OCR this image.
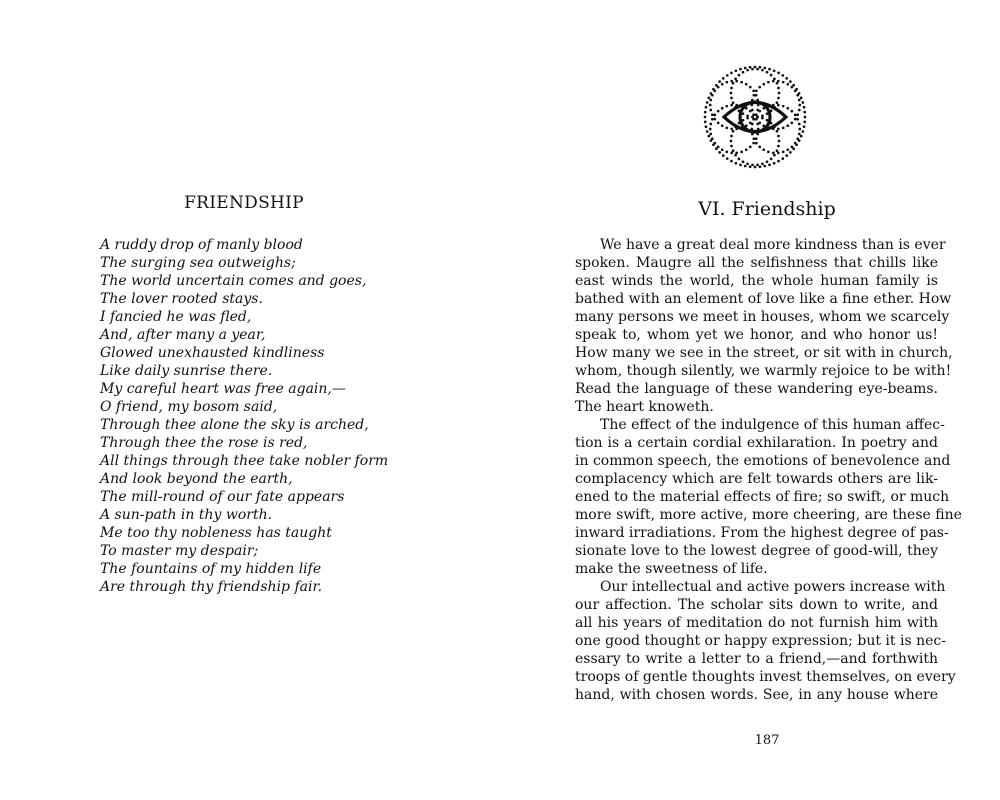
FRIENDSHIP
A ruddy drop of manly blood
The surging sea outweighs;
The world uncertain comes and goes,
The lover rooted stays.
I fancied he was fled,
And, after many a year,
Glowed unexhausted kindliness
Like daily sunrise there.
My careful heart was free again,—
O friend, my bosom said,
Through thee alone the sky is arched,
Through thee the rose is red,
All things through thee take nobler form
And look beyond the earth,
The mill-round of our fate appears
A sun-path in thy worth.
Me too thy nobleness has taught
To master my despair;
The fountains of my hidden life
Are through thy friendship fair.
VI. Friendship
We have a great deal more kindness than is ever
spoken. Maugre all the selfishness that chills like
east winds the world, the whole human family is
bathed with an element of love like a fine ether. How
many persons we meet in houses, whom we scarcely
speak to, whom yet we honor, and who honor us!
How many we see in the street, or sit with in church,
whom, though silently, we warmly rejoice to be with!
Read the language of these wandering eye-beams.
The heart knoweth.
The effect of the indulgence of this human affec-
tion is a certain cordial exhilaration. In poetry and
in common speech, the emotions of benevolence and
complacency which are felt towards others are lik-
ened to the material effects of fire; so swift, or much
more swift, more active, more cheering, are these fine
inward irradiations. From the highest degree of pas-
sionate love to the lowest degree of good-will, they
make the sweetness of life.
Our intellectual and active powers increase with
our affection. The scholar sits down to write, and
all his years of meditation do not furnish him with
one good thought or happy expression; but it is nec-
essary to write a letter to a friend,—and forthwith
troops of gentle thoughts invest themselves, on every
hand, with chosen words. See, in any house where
187
